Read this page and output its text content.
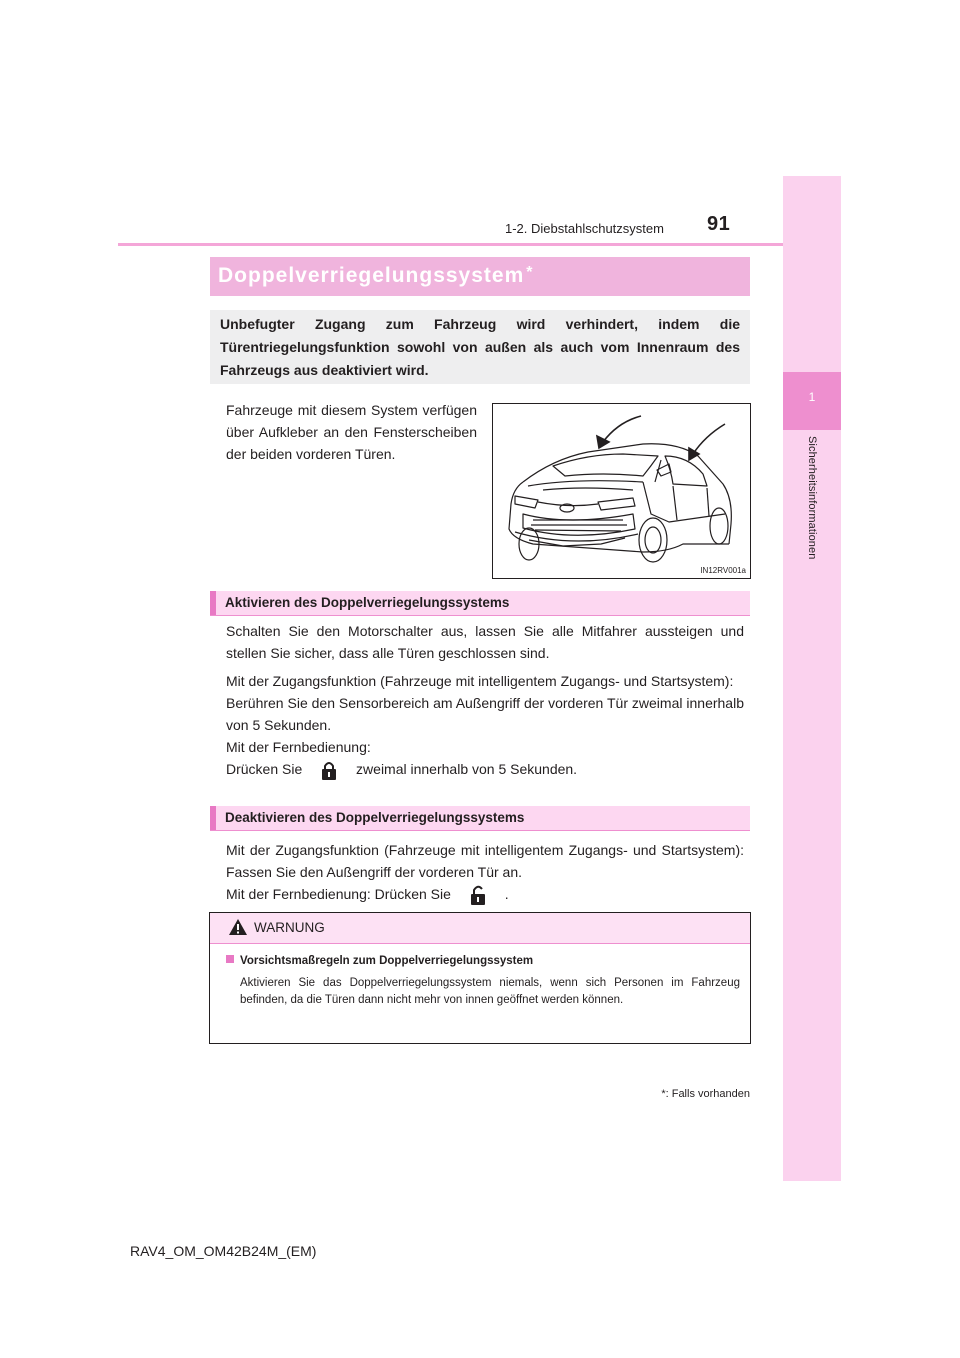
1-2. Diebstahlschutzsystem 91
1
Sicherheitsinformationen
Doppelverriegelungssystem *
Unbefugter Zugang zum Fahrzeug wird verhindert, indem die Türentriegelungsfunktion sowohl von außen als auch vom Innenraum des Fahrzeugs aus deaktiviert wird.
Fahrzeuge mit diesem System verfügen über Aufkleber an den Fensterscheiben der beiden vorderen Türen.
IN12RV001a
Aktivieren des Doppelverriegelungssystems
Schalten Sie den Motorschalter aus, lassen Sie alle Mitfahrer aussteigen und stellen Sie sicher, dass alle Türen geschlossen sind.
Mit der Zugangsfunktion (Fahrzeuge mit intelligentem Zugangs- und Startsystem):
Berühren Sie den Sensorbereich am Außengriff der vorderen Tür zweimal innerhalb von 5 Sekunden.
Mit der Fernbedienung:
Drücken Sie	zweimal innerhalb von 5 Sekunden.
Deaktivieren des Doppelverriegelungssystems
Mit der Zugangsfunktion (Fahrzeuge mit intelligentem Zugangs- und Startsystem): Fassen Sie den Außengriff der vorderen Tür an.
Mit der Fernbedienung: Drücken Sie	.
WARNUNG
Vorsichtsmaßregeln zum Doppelverriegelungssystem
Aktivieren Sie das Doppelverriegelungssystem niemals, wenn sich Personen im Fahrzeug befinden, da die Türen dann nicht mehr von innen geöffnet werden können.
*: Falls vorhanden
RAV4_OM_OM42B24M_(EM)
